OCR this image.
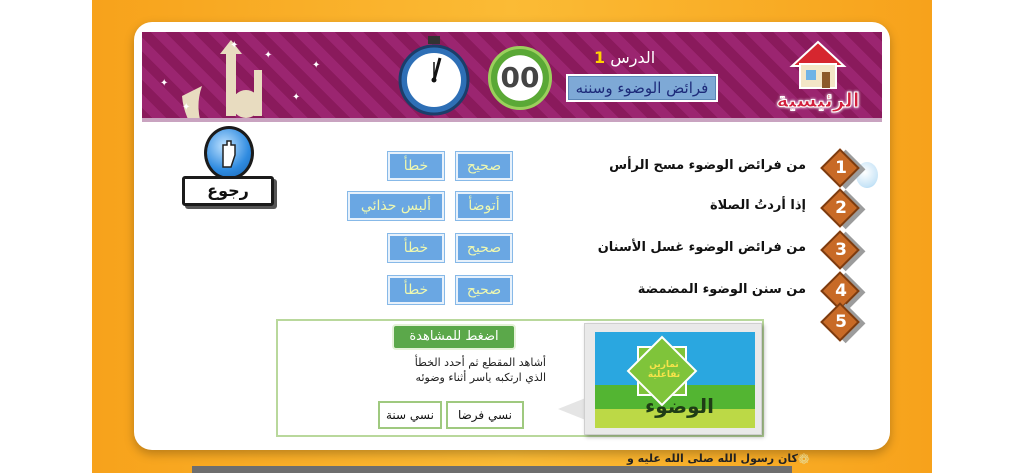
✦
✦
✦
✦
✦
✦
00
1 الدرس
فرائض الوضوء وسننه	الرئيسية
رجوع
1
من فرائض الوضوء مسح الرأس
صحيح
خطأ
2
إذا أردتُ الصلاة
أتوضأ
ألبس حذائي
3
من فرائض الوضوء غسل الأسنان
صحيح
خطأ
4
من سنن الوضوء المضمضة
صحيح
خطأ
5
اضغط للمشاهدة
أشاهد المقطع ثم أحدد الخطأ
الذي ارتكبه ياسر أثناء وضوئه
نسي سنة	نسي فرضا
تمارين تفاعلية
الوضوء
كان رسول الله صلى الله عليه و ❁
